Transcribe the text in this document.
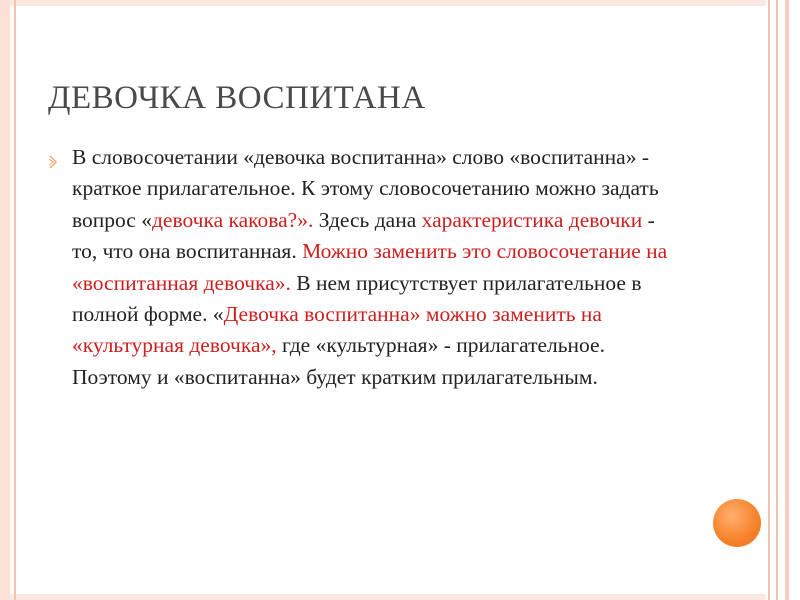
ДЕВОЧКА ВОСПИТАНА

В словосочетании «девочка воспитанна» слово «воспитанна» - краткое прилагательное. К этому словосочетанию можно задать вопрос «девочка какова?». Здесь дана характеристика девочки - то, что она воспитанная. Можно заменить это словосочетание на «воспитанная девочка». В нем присутствует прилагательное в полной форме. «Девочка воспитанна» можно заменить на «культурная девочка», где «культурная» - прилагательное. Поэтому и «воспитанна» будет кратким прилагательным.
